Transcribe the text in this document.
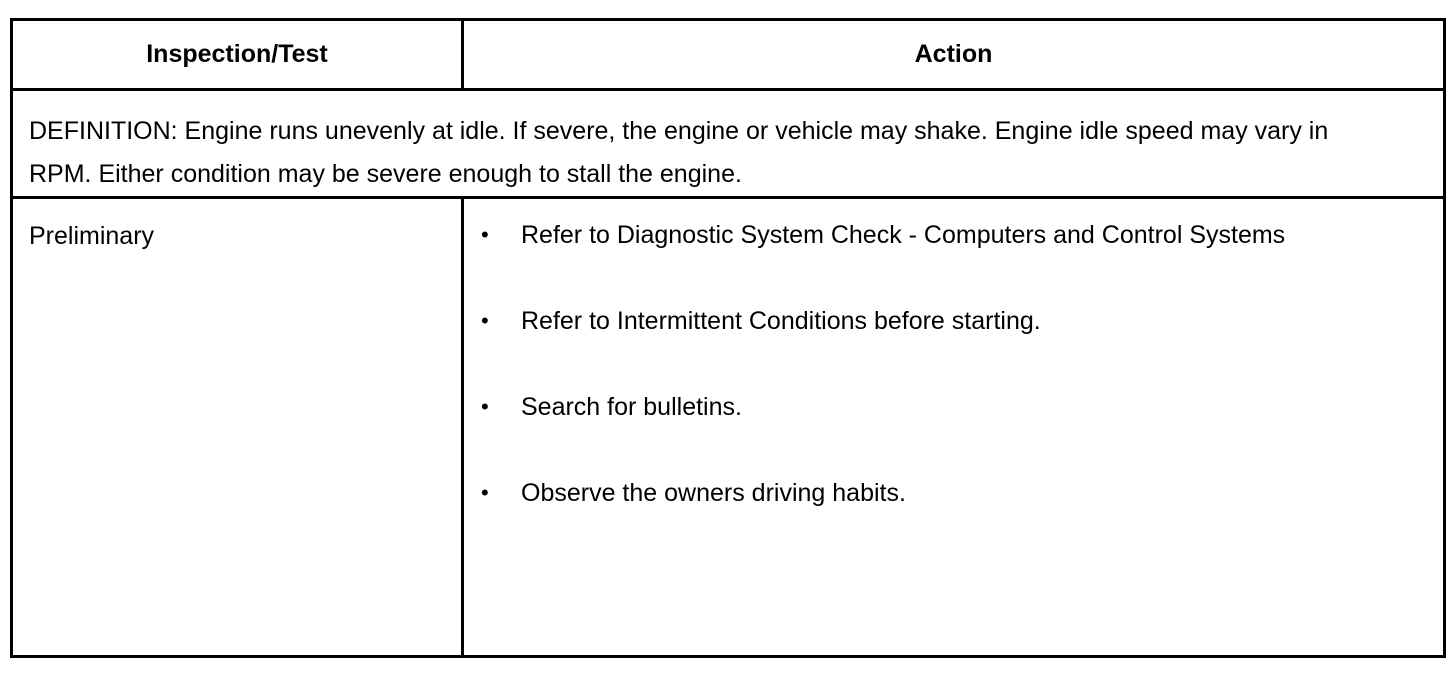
Inspection/Test	Action
DEFINITION: Engine runs unevenly at idle. If severe, the engine or vehicle may shake. Engine idle speed may vary in RPM. Either condition may be severe enough to stall the engine.
Preliminary	•	Refer to Diagnostic System Check - Computers and Control Systems
•	Refer to Intermittent Conditions before starting.
•	Search for bulletins.
•	Observe the owners driving habits.
